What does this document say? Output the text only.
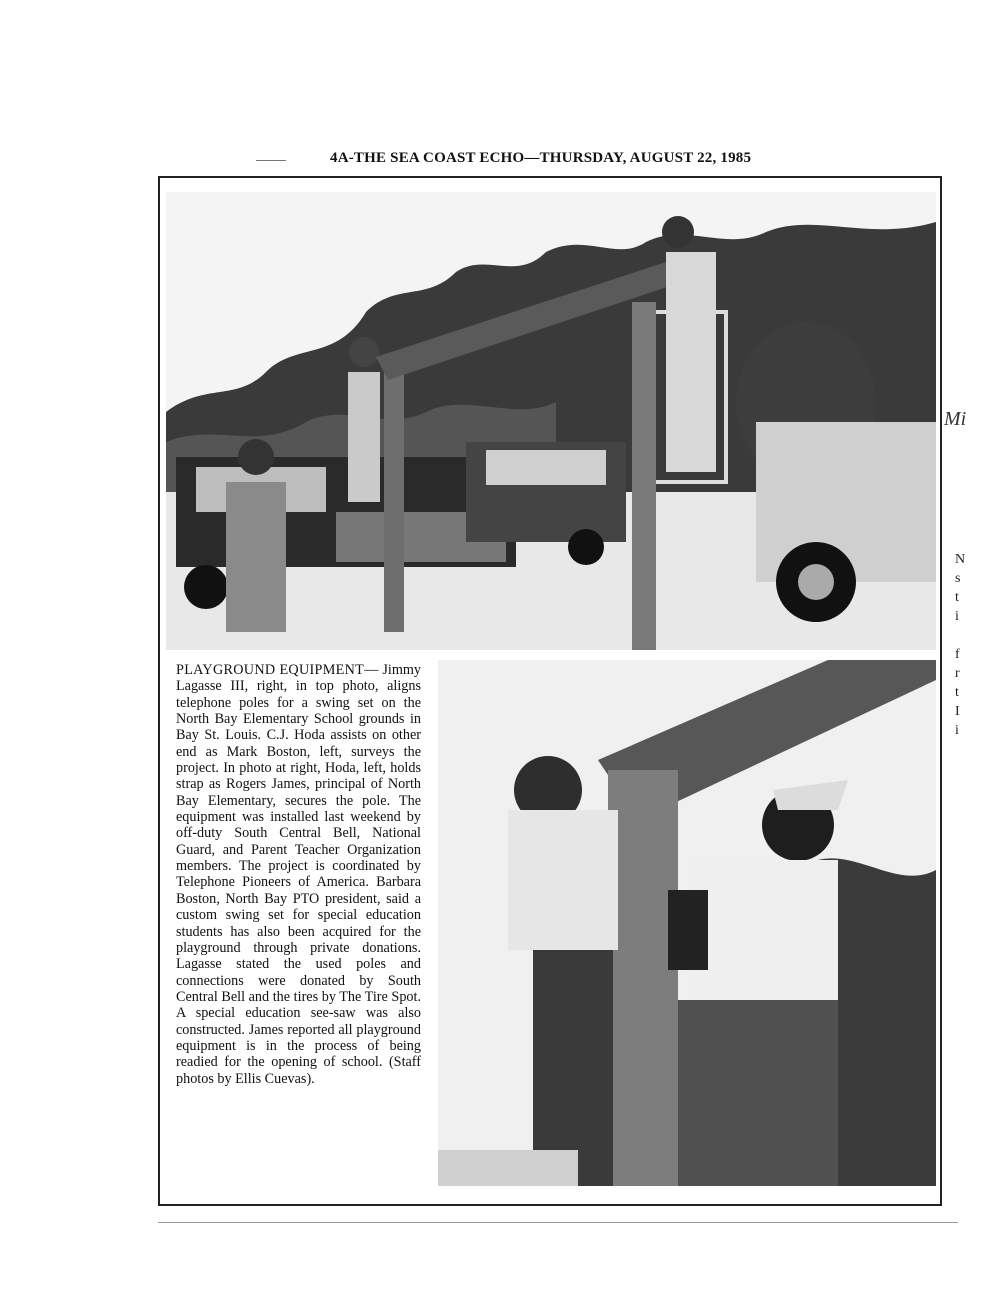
4A-THE SEA COAST ECHO—THURSDAY, AUGUST 22, 1985
PLAYGROUND EQUIPMENT— Jimmy Lagasse III, right, in top photo, aligns telephone poles for a swing set on the North Bay Elementary School grounds in Bay St. Louis. C.J. Hoda assists on other end as Mark Boston, left, surveys the project. In photo at right, Hoda, left, holds strap as Rogers James, principal of North Bay Elementary, secures the pole. The equipment was installed last weekend by off-duty South Central Bell, National Guard, and Parent Teacher Organization members. The project is coordinated by Telephone Pioneers of America. Barbara Boston, North Bay PTO president, said a custom swing set for special education students has also been acquired for the playground through private donations. Lagasse stated the used poles and connections were donated by South Central Bell and the tires by The Tire Spot. A special education see-saw was also constructed. James reported all playground equipment is in the process of being readied for the opening of school. (Staff photos by Ellis Cuevas).
Mi
N
s
t
i

f
r
t
I
i
